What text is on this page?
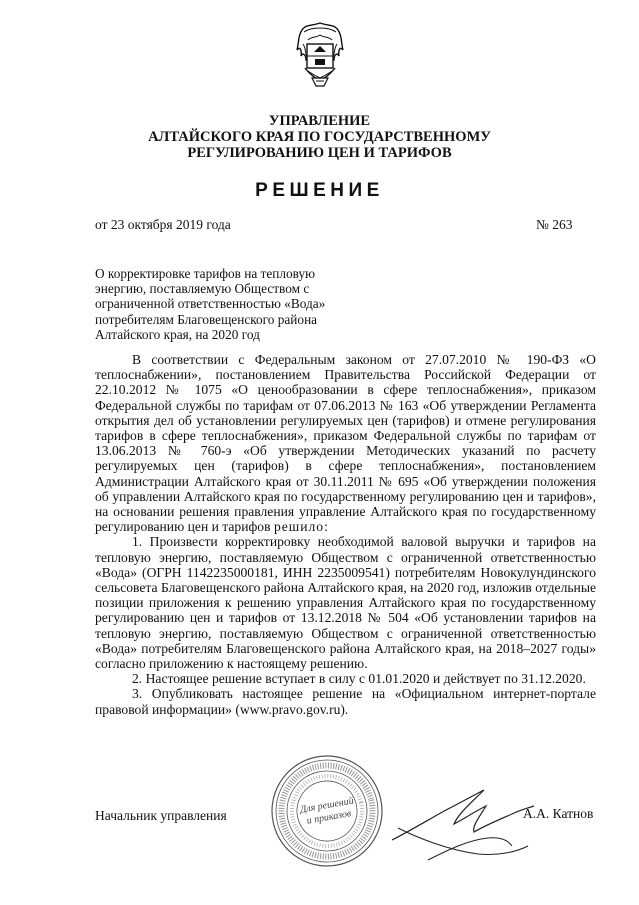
УПРАВЛЕНИЕ
АЛТАЙСКОГО КРАЯ ПО ГОСУДАРСТВЕННОМУ
РЕГУЛИРОВАНИЮ ЦЕН И ТАРИФОВ
РЕШЕНИЕ
от 23 октября 2019 года	№ 263
О корректировке тарифов на тепловую
энергию, поставляемую Обществом с
ограниченной ответственностью «Вода»
потребителям Благовещенского района
Алтайского края, на 2020 год

В соответствии с Федеральным законом от 27.07.2010 № 190-ФЗ «О теплоснабжении», постановлением Правительства Российской Федерации от 22.10.2012 № 1075 «О ценообразовании в сфере теплоснабжения», приказом Федеральной службы по тарифам от 07.06.2013 № 163 «Об утверждении Регламента открытия дел об установлении регулируемых цен (тарифов) и отмене регулирования тарифов в сфере теплоснабжения», приказом Федеральной службы по тарифам от 13.06.2013 № 760-э «Об утверждении Методических указаний по расчету регулируемых цен (тарифов) в сфере теплоснабжения», постановлением Администрации Алтайского края от 30.11.2011 № 695 «Об утверждении положения об управлении Алтайского края по государственному регулированию цен и тарифов», на основании решения правления управление Алтайского края по государственному регулированию цен и тарифов решило:

1. Произвести корректировку необходимой валовой выручки и тарифов на тепловую энергию, поставляемую Обществом с ограниченной ответственностью «Вода» (ОГРН 1142235000181, ИНН 2235009541) потребителям Новокулундинского сельсовета Благовещенского района Алтайского края, на 2020 год, изложив отдельные позиции приложения к решению управления Алтайского края по государственному регулированию цен и тарифов от 13.12.2018 № 504 «Об установлении тарифов на тепловую энергию, поставляемую Обществом с ограниченной ответственностью «Вода» потребителям Благовещенского района Алтайского края, на 2018–2027 годы» согласно приложению к настоящему решению.

2. Настоящее решение вступает в силу с 01.01.2020 и действует по 31.12.2020.

3. Опубликовать настоящее решение на «Официальном интернет-портале правовой информации» (www.pravo.gov.ru).

Для решений и приказов
Начальник управления	А.А. Катнов
